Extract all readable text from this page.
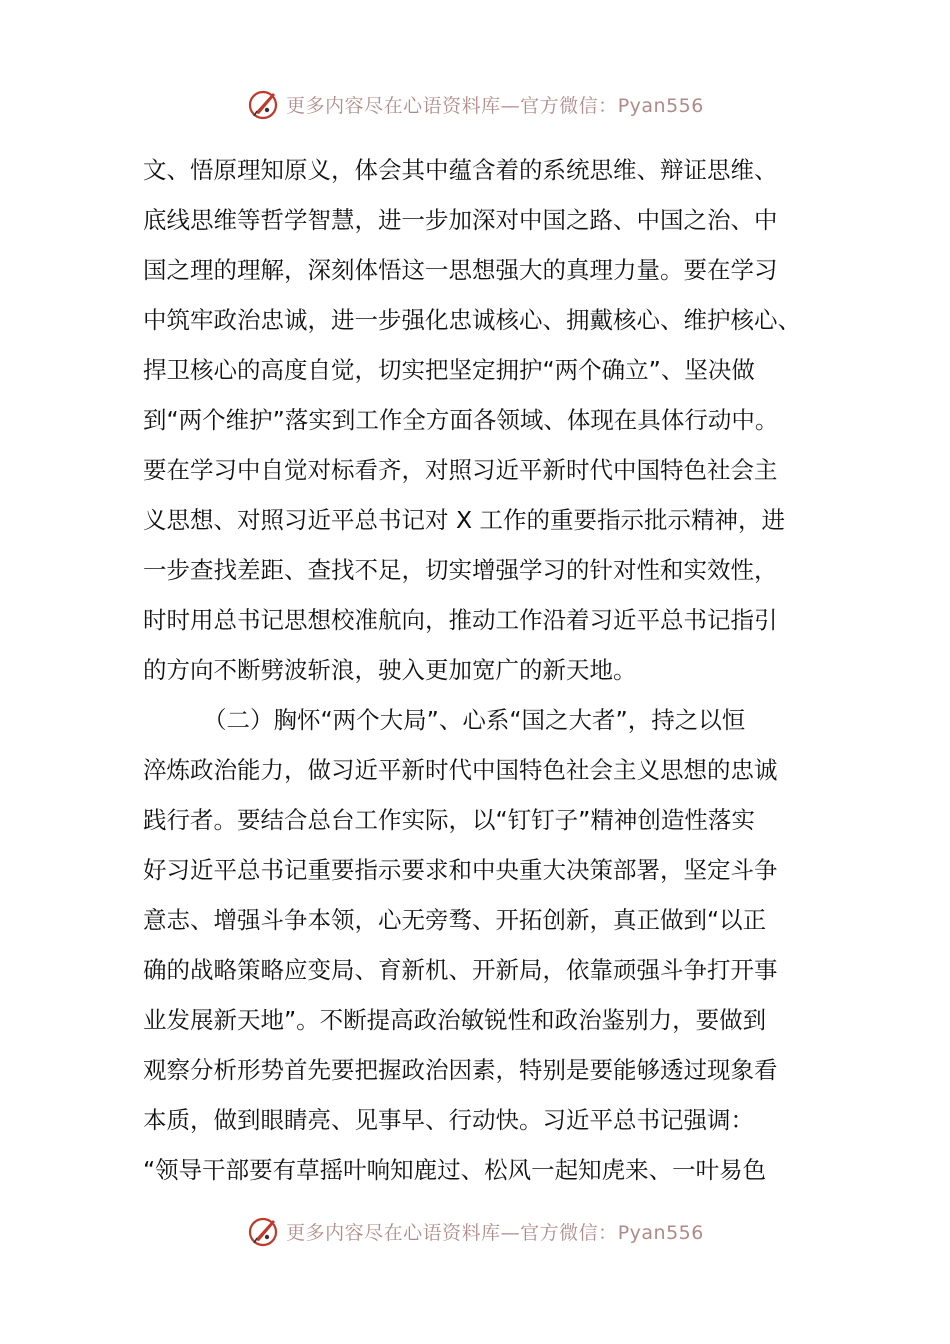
更多内容尽在心语资料库—官方微信：Pyan556
文、悟原理知原义，体会其中蕴含着的系统思维、辩证思维、
底线思维等哲学智慧，进一步加深对中国之路、中国之治、中
国之理的理解，深刻体悟这一思想强大的真理力量。要在学习
中筑牢政治忠诚，进一步强化忠诚核心、拥戴核心、维护核心、
捍卫核心的高度自觉，切实把坚定拥护“两个确立”、坚决做
到“两个维护”落实到工作全方面各领域、体现在具体行动中。
要在学习中自觉对标看齐，对照习近平新时代中国特色社会主
义思想、对照习近平总书记对 X 工作的重要指示批示精神，进
一步查找差距、查找不足，切实增强学习的针对性和实效性，
时时用总书记思想校准航向，推动工作沿着习近平总书记指引
的方向不断劈波斩浪，驶入更加宽广的新天地。
（二）胸怀“两个大局”、心系“国之大者”，持之以恒
淬炼政治能力，做习近平新时代中国特色社会主义思想的忠诚
践行者。要结合总台工作实际，以“钉钉子”精神创造性落实
好习近平总书记重要指示要求和中央重大决策部署，坚定斗争
意志、增强斗争本领，心无旁骛、开拓创新，真正做到“以正
确的战略策略应变局、育新机、开新局，依靠顽强斗争打开事
业发展新天地”。不断提高政治敏锐性和政治鉴别力，要做到
观察分析形势首先要把握政治因素，特别是要能够透过现象看
本质，做到眼睛亮、见事早、行动快。习近平总书记强调：
“领导干部要有草摇叶响知鹿过、松风一起知虎来、一叶易色
更多内容尽在心语资料库—官方微信：Pyan556
